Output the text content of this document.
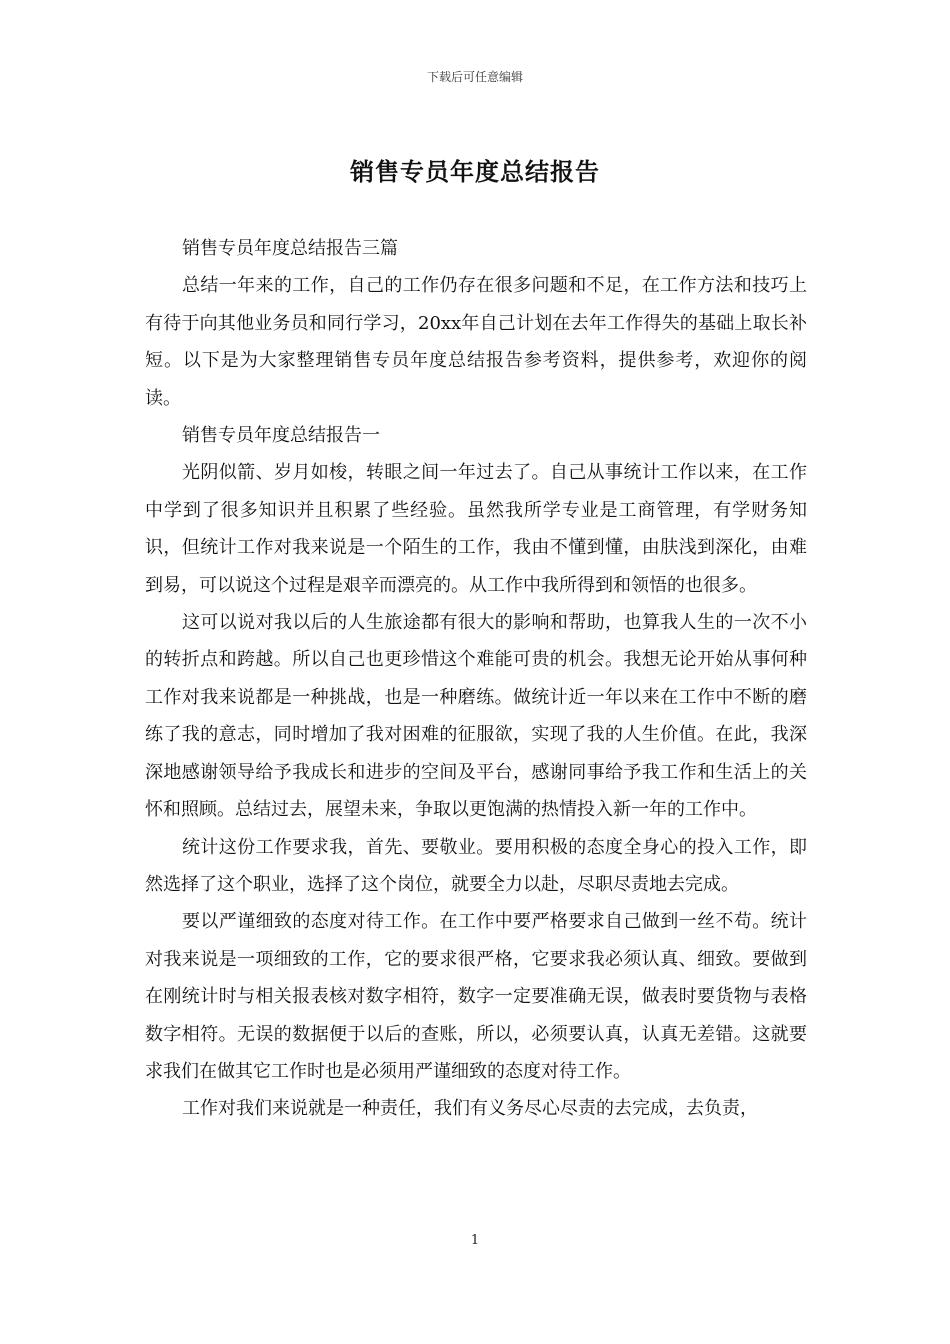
下载后可任意编辑
销售专员年度总结报告

销售专员年度总结报告三篇

总结一年来的工作，自己的工作仍存在很多问题和不足，在工作方法和技巧上有待于向其他业务员和同行学习，20xx年自己计划在去年工作得失的基础上取长补短。以下是为大家整理销售专员年度总结报告参考资料，提供参考，欢迎你的阅读。

销售专员年度总结报告一

光阴似箭、岁月如梭，转眼之间一年过去了。自己从事统计工作以来，在工作中学到了很多知识并且积累了些经验。虽然我所学专业是工商管理，有学财务知识，但统计工作对我来说是一个陌生的工作，我由不懂到懂，由肤浅到深化，由难到易，可以说这个过程是艰辛而漂亮的。从工作中我所得到和领悟的也很多。

这可以说对我以后的人生旅途都有很大的影响和帮助，也算我人生的一次不小的转折点和跨越。所以自己也更珍惜这个难能可贵的机会。我想无论开始从事何种工作对我来说都是一种挑战，也是一种磨练。做统计近一年以来在工作中不断的磨练了我的意志，同时增加了我对困难的征服欲，实现了我的人生价值。在此，我深深地感谢领导给予我成长和进步的空间及平台，感谢同事给予我工作和生活上的关怀和照顾。总结过去，展望未来，争取以更饱满的热情投入新一年的工作中。

统计这份工作要求我，首先、要敬业。要用积极的态度全身心的投入工作，即然选择了这个职业，选择了这个岗位，就要全力以赴，尽职尽责地去完成。

要以严谨细致的态度对待工作。在工作中要严格要求自己做到一丝不苟。统计对我来说是一项细致的工作，它的要求很严格，它要求我必须认真、细致。要做到在刚统计时与相关报表核对数字相符，数字一定要准确无误，做表时要货物与表格数字相符。无误的数据便于以后的查账，所以，必须要认真，认真无差错。这就要求我们在做其它工作时也是必须用严谨细致的态度对待工作。

工作对我们来说就是一种责任，我们有义务尽心尽责的去完成，去负责，

1
